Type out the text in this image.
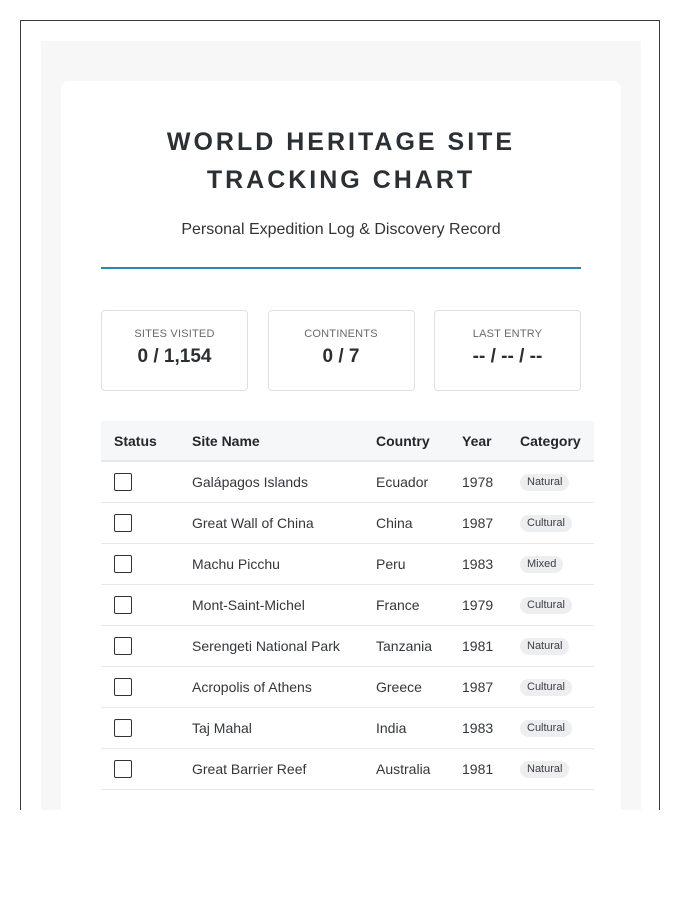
WORLD HERITAGE SITE TRACKING CHART

Personal Expedition Log & Discovery Record

SITES VISITED
0 / 1,154
CONTINENTS
0 / 7
LAST ENTRY
-- / -- / --
Status	Site Name	Country	Year	Category
	Galápagos Islands	Ecuador	1978	Natural
	Great Wall of China	China	1987	Cultural
	Machu Picchu	Peru	1983	Mixed
	Mont-Saint-Michel	France	1979	Cultural
	Serengeti National Park	Tanzania	1981	Natural
	Acropolis of Athens	Greece	1987	Cultural
	Taj Mahal	India	1983	Cultural
	Great Barrier Reef	Australia	1981	Natural
